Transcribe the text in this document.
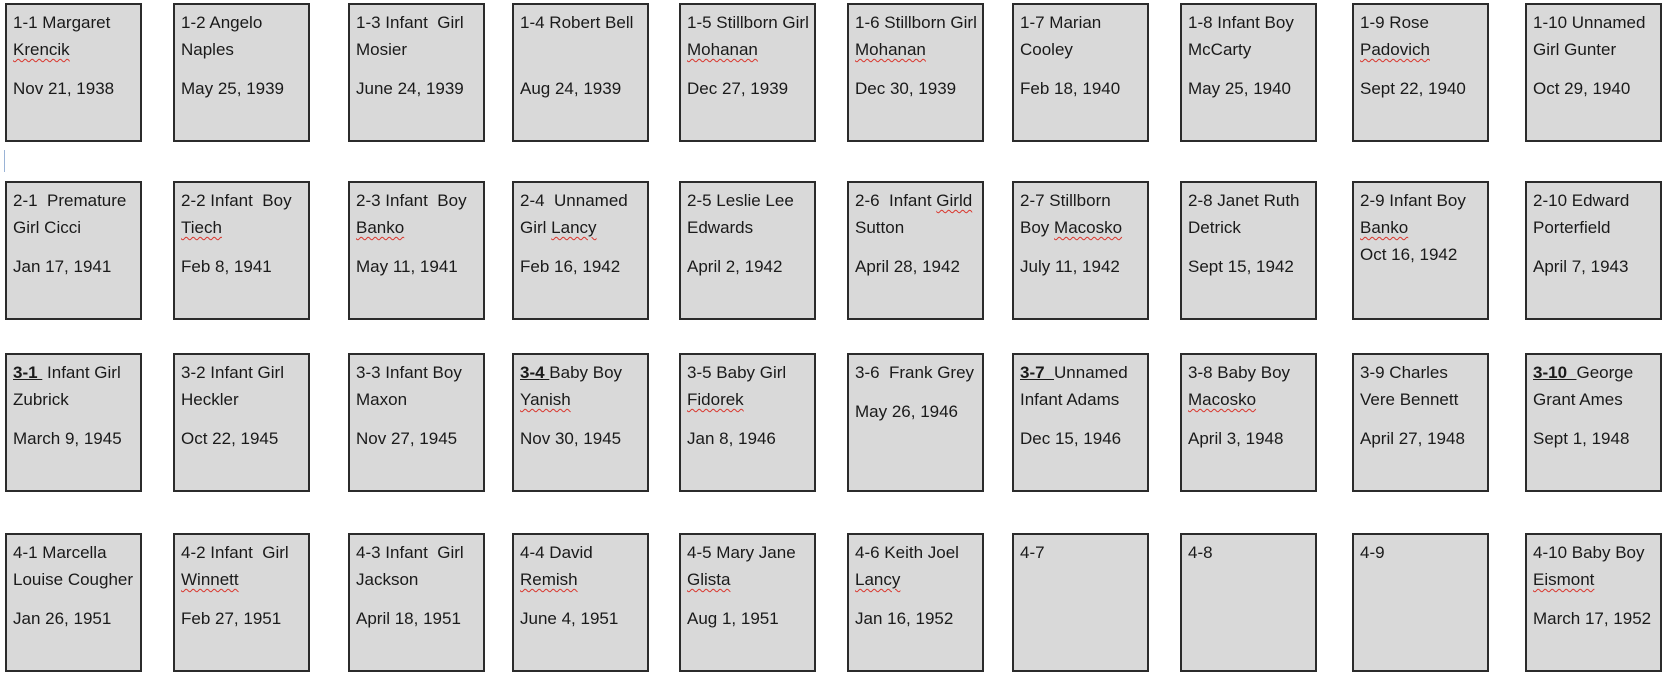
1-1 Margaret
Krencik
Nov 21, 1938
1-2 Angelo
Naples
May 25, 1939
1-3 Infant  Girl
Mosier
June 24, 1939
1-4 Robert Bell
Aug 24, 1939
1-5 Stillborn Girl
Mohanan
Dec 27, 1939
1-6 Stillborn Girl
Mohanan
Dec 30, 1939
1-7 Marian
Cooley
Feb 18, 1940
1-8 Infant Boy
McCarty
May 25, 1940
1-9 Rose
Padovich
Sept 22, 1940
1-10 Unnamed
Girl Gunter
Oct 29, 1940
2-1  Premature
Girl Cicci
Jan 17, 1941
2-2 Infant  Boy
Tiech
Feb 8, 1941
2-3 Infant  Boy
Banko
May 11, 1941
2-4  Unnamed
Girl Lancy
Feb 16, 1942
2-5 Leslie Lee
Edwards
April 2, 1942
2-6  Infant Girld
Sutton
April 28, 1942
2-7 Stillborn
Boy Macosko
July 11, 1942
2-8 Janet Ruth
Detrick
Sept 15, 1942
2-9 Infant Boy
Banko
Oct 16, 1942
2-10 Edward
Porterfield
April 7, 1943
3-1  Infant Girl
Zubrick
March 9, 1945
3-2 Infant Girl
Heckler
Oct 22, 1945
3-3 Infant Boy
Maxon
Nov 27, 1945
3-4 Baby Boy
Yanish
Nov 30, 1945
3-5 Baby Girl
Fidorek
Jan 8, 1946
3-6  Frank Grey
May 26, 1946
3-7  Unnamed
Infant Adams
Dec 15, 1946
3-8 Baby Boy
Macosko
April 3, 1948
3-9 Charles
Vere Bennett
April 27, 1948
3-10  George
Grant Ames
Sept 1, 1948
4-1 Marcella
Louise Cougher
Jan 26, 1951
4-2 Infant  Girl
Winnett
Feb 27, 1951
4-3 Infant  Girl
Jackson
April 18, 1951
4-4 David
Remish
June 4, 1951
4-5 Mary Jane
Glista
Aug 1, 1951
4-6 Keith Joel
Lancy
Jan 16, 1952
4-7	4-8	4-9	4-10 Baby Boy
Eismont
March 17, 1952
